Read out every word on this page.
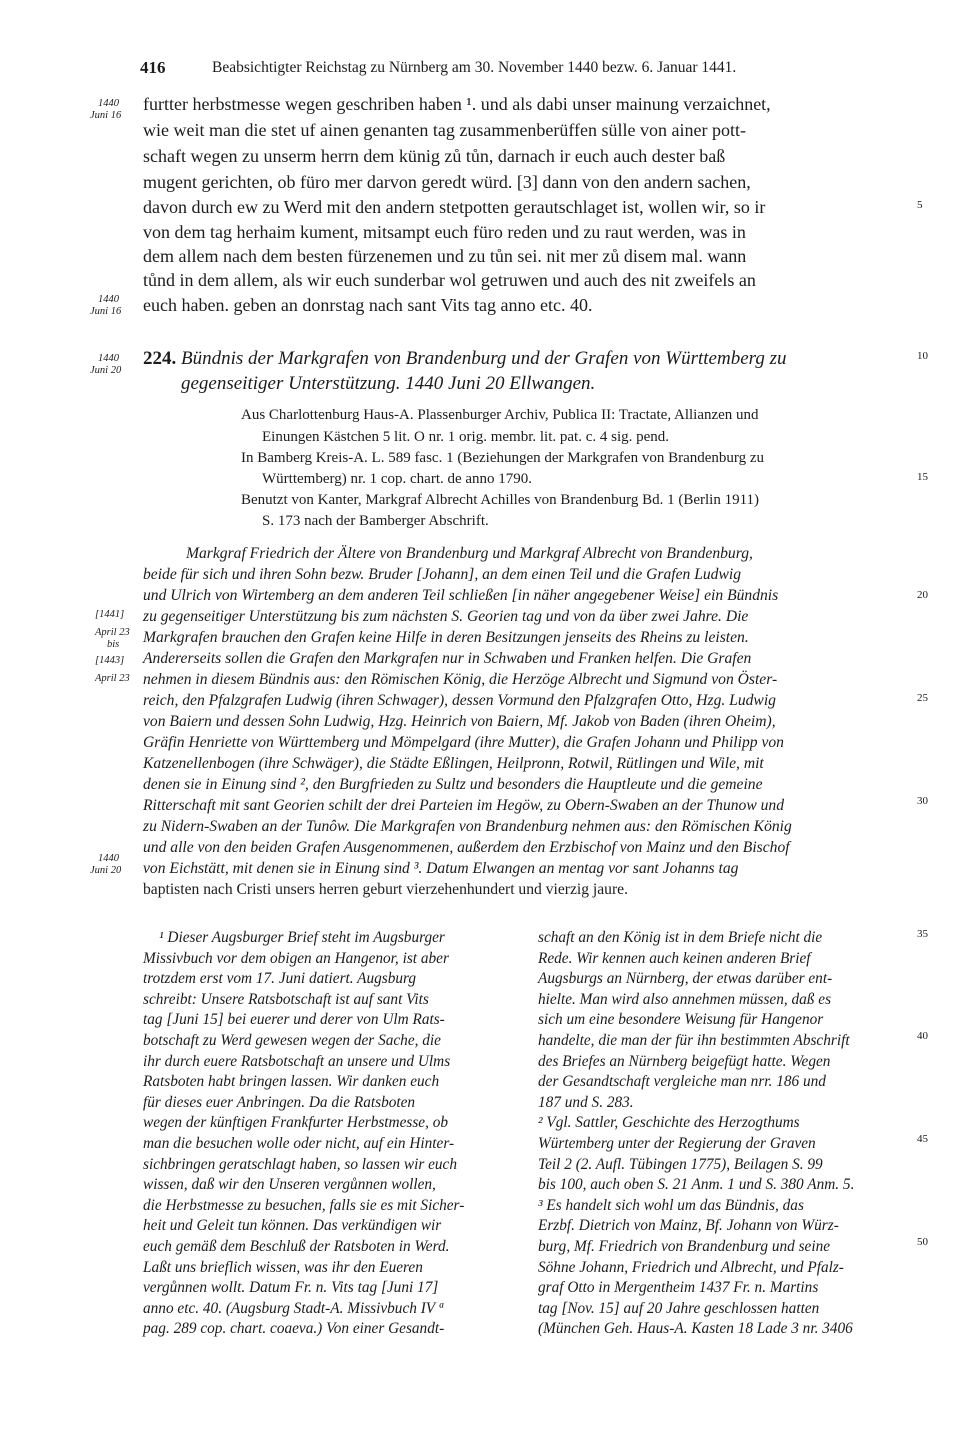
416	Beabsichtigter Reichstag zu Nürnberg am 30. November 1440 bezw. 6. Januar 1441.
1440
Juni 16
1440
Juni 16
1440
Juni 20
[1441]
April 23
bis
[1443]
April 23
1440
Juni 20
5
10
15
20
25
30
35
40
45
50
furtter herbstmesse wegen geschriben haben ¹. und als dabi unser mainung verzaichnet,
wie weit man die stet uf ainen genanten tag zusammenberüffen sülle von ainer pott-
schaft wegen zu unserm herrn dem künig zů tůn, darnach ir euch auch dester baß
mugent gerichten, ob füro mer darvon geredt würd. [3] dann von den andern sachen,
davon durch ew zu Werd mit den andern stetpotten gerautschlaget ist, wollen wir, so ir
von dem tag herhaim kument, mitsampt euch füro reden und zu raut werden, was in
dem allem nach dem besten fürzenemen und zu tůn sei. nit mer zů disem mal. wann
tůnd in dem allem, als wir euch sunderbar wol getruwen und auch des nit zweifels an
euch haben. geben an donrstag nach sant Vits tag anno etc. 40.
224. Bündnis der Markgrafen von Brandenburg und der Grafen von Württemberg zu
gegenseitiger Unterstützung. 1440 Juni 20 Ellwangen.
Aus Charlottenburg Haus-A. Plassenburger Archiv, Publica II: Tractate, Allianzen und
Einungen Kästchen 5 lit. O nr. 1 orig. membr. lit. pat. c. 4 sig. pend.
In Bamberg Kreis-A. L. 589 fasc. 1 (Beziehungen der Markgrafen von Brandenburg zu
Württemberg) nr. 1 cop. chart. de anno 1790.
Benutzt von Kanter, Markgraf Albrecht Achilles von Brandenburg Bd. 1 (Berlin 1911)
S. 173 nach der Bamberger Abschrift.
Markgraf Friedrich der Ältere von Brandenburg und Markgraf Albrecht von Brandenburg,
beide für sich und ihren Sohn bezw. Bruder [Johann], an dem einen Teil und die Grafen Ludwig
und Ulrich von Wirtemberg an dem anderen Teil schließen [in näher angegebener Weise] ein Bündnis
zu gegenseitiger Unterstützung bis zum nächsten S. Georien tag und von da über zwei Jahre. Die
Markgrafen brauchen den Grafen keine Hilfe in deren Besitzungen jenseits des Rheins zu leisten.
Andererseits sollen die Grafen den Markgrafen nur in Schwaben und Franken helfen. Die Grafen
nehmen in diesem Bündnis aus: den Römischen König, die Herzöge Albrecht und Sigmund von Öster-
reich, den Pfalzgrafen Ludwig (ihren Schwager), dessen Vormund den Pfalzgrafen Otto, Hzg. Ludwig
von Baiern und dessen Sohn Ludwig, Hzg. Heinrich von Baiern, Mf. Jakob von Baden (ihren Oheim),
Gräfin Henriette von Württemberg und Mömpelgard (ihre Mutter), die Grafen Johann und Philipp von
Katzenellenbogen (ihre Schwäger), die Städte Eßlingen, Heilpronn, Rotwil, Rütlingen und Wile, mit
denen sie in Einung sind ², den Burgfrieden zu Sultz und besonders die Hauptleute und die gemeine
Ritterschaft mit sant Georien schilt der drei Parteien im Hegöw, zu Obern-Swaben an der Thunow und
zu Nidern-Swaben an der Tunôw. Die Markgrafen von Brandenburg nehmen aus: den Römischen König
und alle von den beiden Grafen Ausgenommenen, außerdem den Erzbischof von Mainz und den Bischof
von Eichstätt, mit denen sie in Einung sind ³. Datum Elwangen an mentag vor sant Johanns tag
baptisten nach Cristi unsers herren geburt vierzehenhundert und vierzig jaure.
¹ Dieser Augsburger Brief steht im Augsburger
Missivbuch vor dem obigen an Hangenor, ist aber
trotzdem erst vom 17. Juni datiert. Augsburg
schreibt: Unsere Ratsbotschaft ist auf sant Vits
tag [Juni 15] bei euerer und derer von Ulm Rats-
botschaft zu Werd gewesen wegen der Sache, die
ihr durch euere Ratsbotschaft an unsere und Ulms
Ratsboten habt bringen lassen. Wir danken euch
für dieses euer Anbringen. Da die Ratsboten
wegen der künftigen Frankfurter Herbstmesse, ob
man die besuchen wolle oder nicht, auf ein Hinter-
sichbringen geratschlagt haben, so lassen wir euch
wissen, daß wir den Unseren vergůnnen wollen,
die Herbstmesse zu besuchen, falls sie es mit Sicher-
heit und Geleit tun können. Das verkündigen wir
euch gemäß dem Beschluß der Ratsboten in Werd.
Laßt uns brieflich wissen, was ihr den Eueren
vergůnnen wollt. Datum Fr. n. Vits tag [Juni 17]
anno etc. 40. (Augsburg Stadt-A. Missivbuch IV ª
pag. 289 cop. chart. coaeva.) Von einer Gesandt-
schaft an den König ist in dem Briefe nicht die
Rede. Wir kennen auch keinen anderen Brief
Augsburgs an Nürnberg, der etwas darüber ent-
hielte. Man wird also annehmen müssen, daß es
sich um eine besondere Weisung für Hangenor
handelte, die man der für ihn bestimmten Abschrift
des Briefes an Nürnberg beigefügt hatte. Wegen
der Gesandtschaft vergleiche man nrr. 186 und
187 und S. 283.
² Vgl. Sattler, Geschichte des Herzogthums
Würtemberg unter der Regierung der Graven
Teil 2 (2. Aufl. Tübingen 1775), Beilagen S. 99
bis 100, auch oben S. 21 Anm. 1 und S. 380 Anm. 5.
³ Es handelt sich wohl um das Bündnis, das
Erzbf. Dietrich von Mainz, Bf. Johann von Würz-
burg, Mf. Friedrich von Brandenburg und seine
Söhne Johann, Friedrich und Albrecht, und Pfalz-
graf Otto in Mergentheim 1437 Fr. n. Martins
tag [Nov. 15] auf 20 Jahre geschlossen hatten
(München Geh. Haus-A. Kasten 18 Lade 3 nr. 3406
